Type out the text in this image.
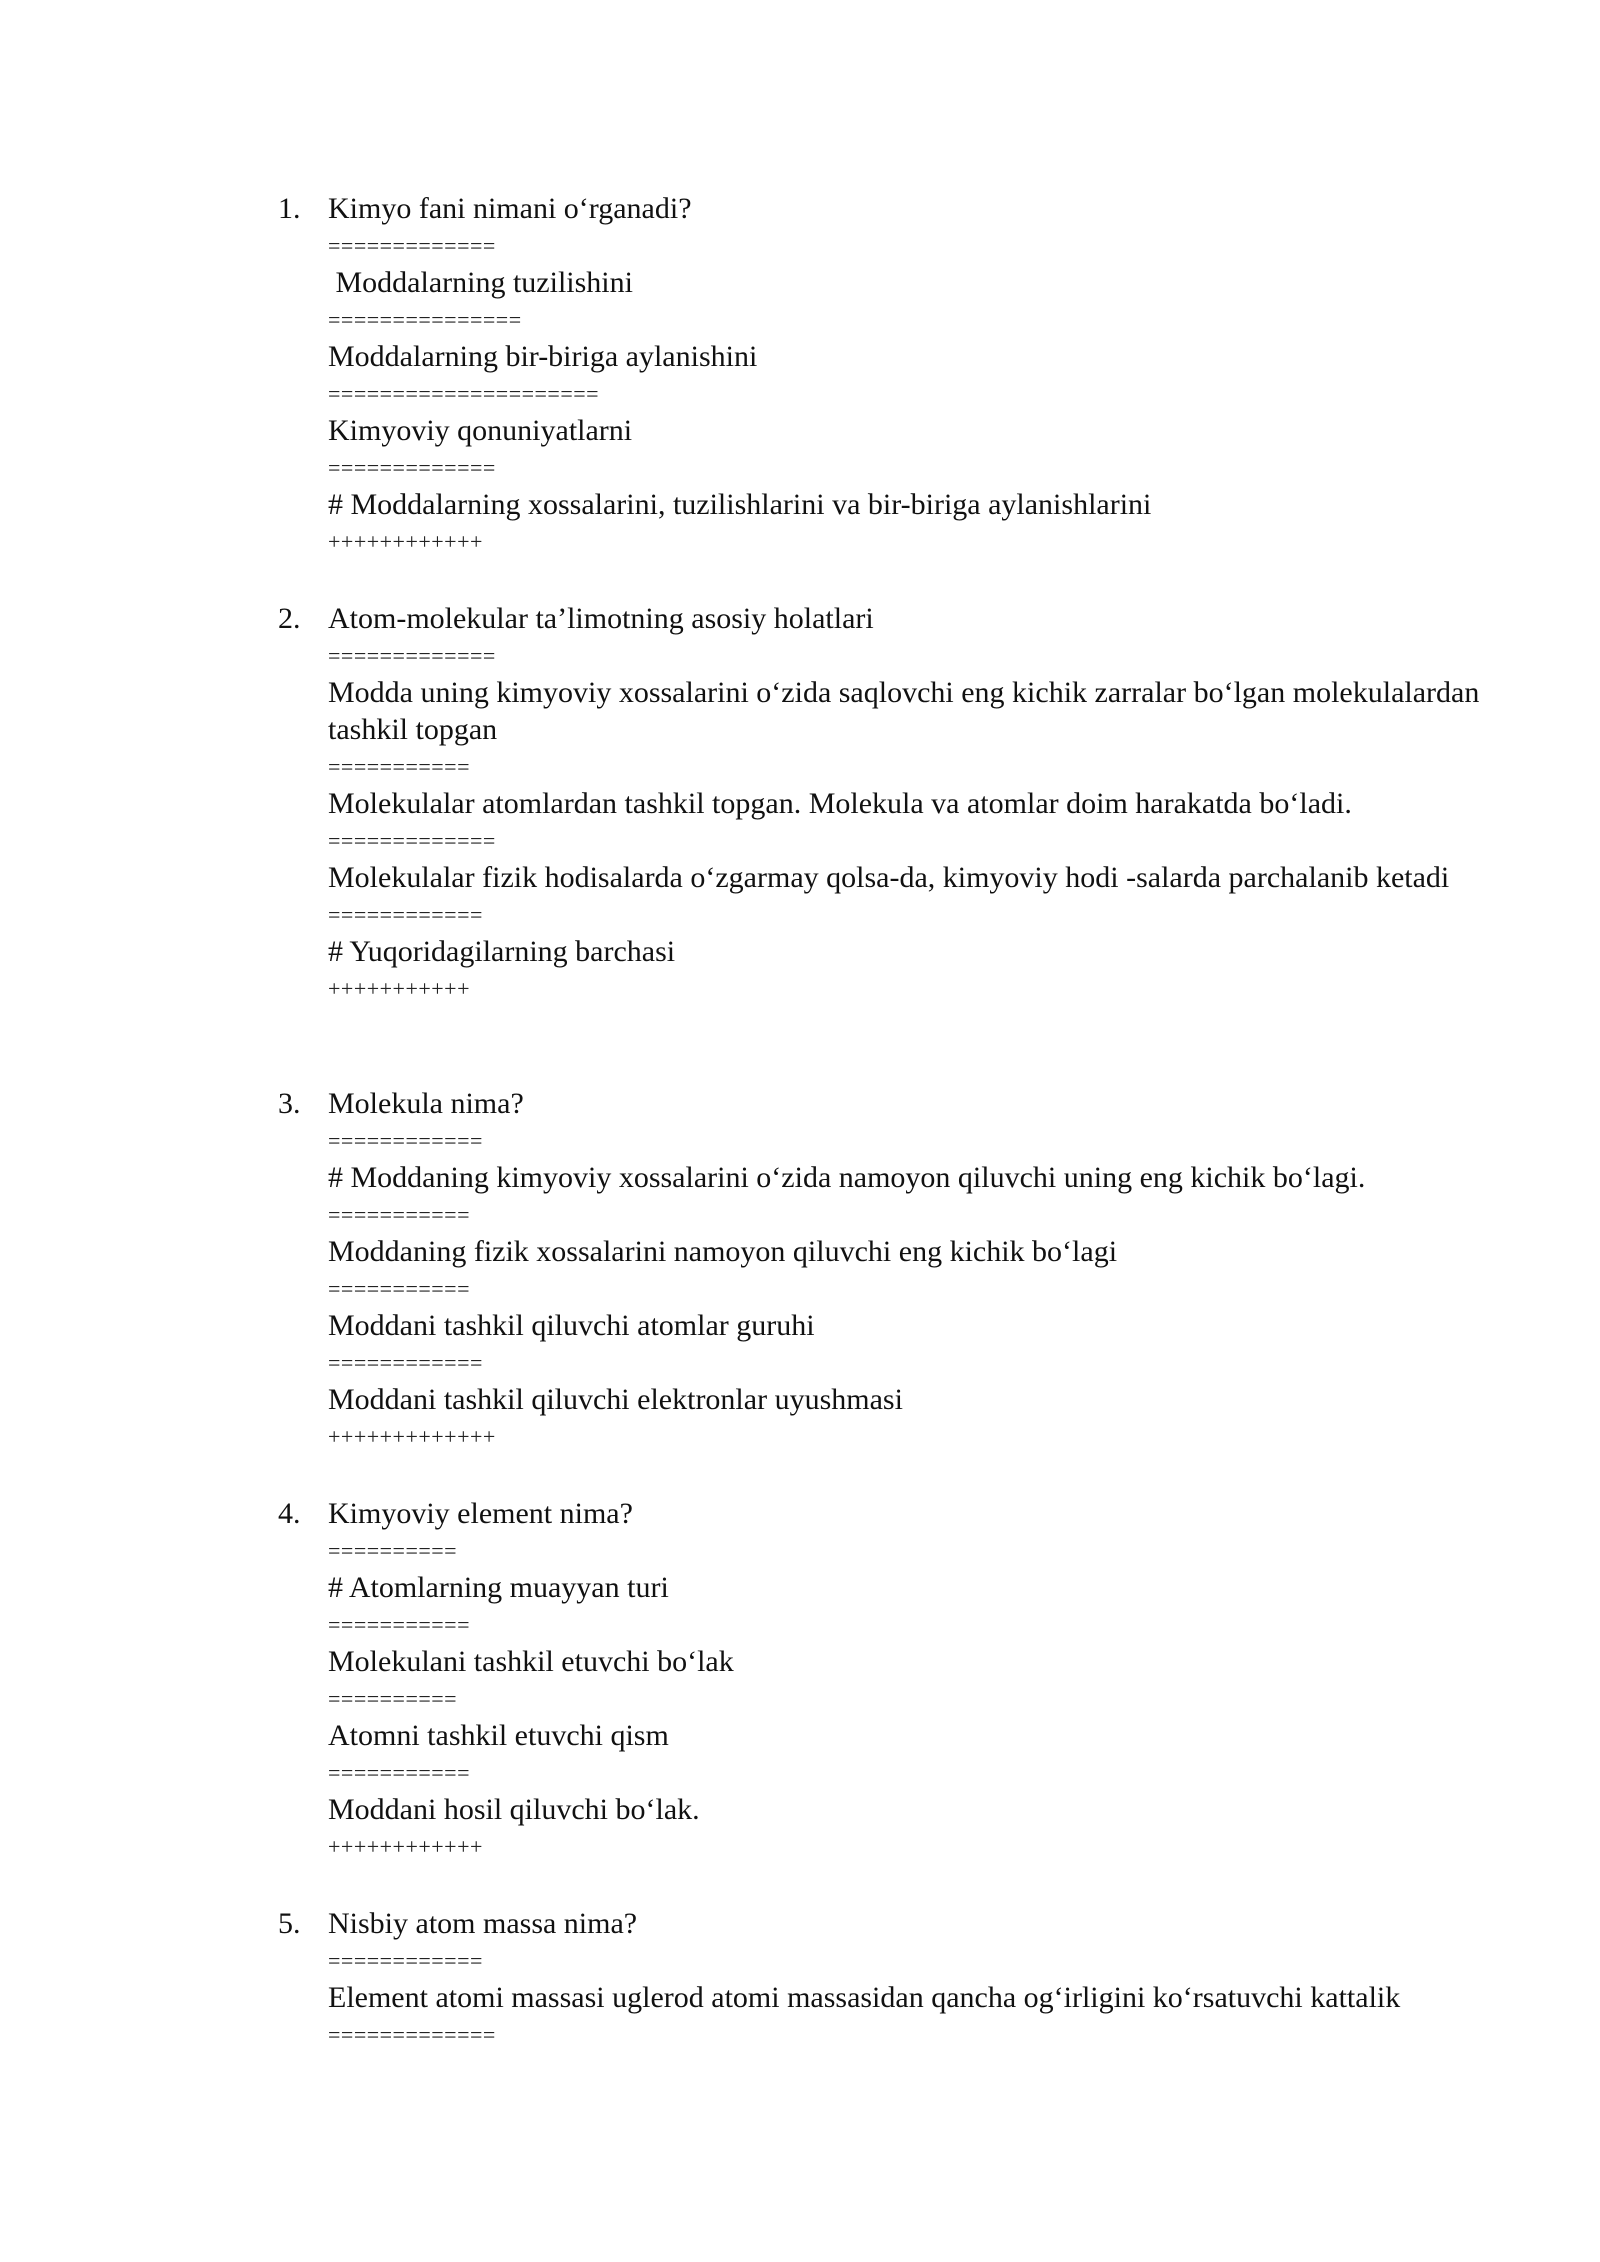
1. Kimyo fani nimani o‘rganadi?

=============

Moddalarning tuzilishini

===============

Moddalarning bir-biriga aylanishini

=====================

Kimyoviy qonuniyatlarni

=============

# Moddalarning xossalarini, tuzilishlarini va bir-biriga aylanishlarini

++++++++++++

2. Atom-molekular ta’limotning asosiy holatlari

=============

Modda uning kimyoviy xossalarini o‘zida saqlovchi eng kichik zarralar bo‘lgan molekulalardan tashkil topgan

===========

Molekulalar atomlardan tashkil topgan. Molekula va atomlar doim harakatda bo‘ladi.

=============

Molekulalar fizik hodisalarda o‘zgarmay qolsa-da, kimyoviy hodi -salarda parchalanib ketadi

============

# Yuqoridagilarning barchasi

+++++++++++

3. Molekula nima?

============

# Moddaning kimyoviy xossalarini o‘zida namoyon qiluvchi uning eng kichik bo‘lagi.

===========

Moddaning fizik xossalarini namoyon qiluvchi eng kichik bo‘lagi

===========

Moddani tashkil qiluvchi atomlar guruhi

============

Moddani tashkil qiluvchi elektronlar uyushmasi

+++++++++++++

4. Kimyoviy element nima?

==========

# Atomlarning muayyan turi

===========

Molekulani tashkil etuvchi bo‘lak

==========

Atomni tashkil etuvchi qism

===========

Moddani hosil qiluvchi bo‘lak.

++++++++++++

5. Nisbiy atom massa nima?

============

Element atomi massasi uglerod atomi massasidan qancha og‘irligini ko‘rsatuvchi kattalik

=============
